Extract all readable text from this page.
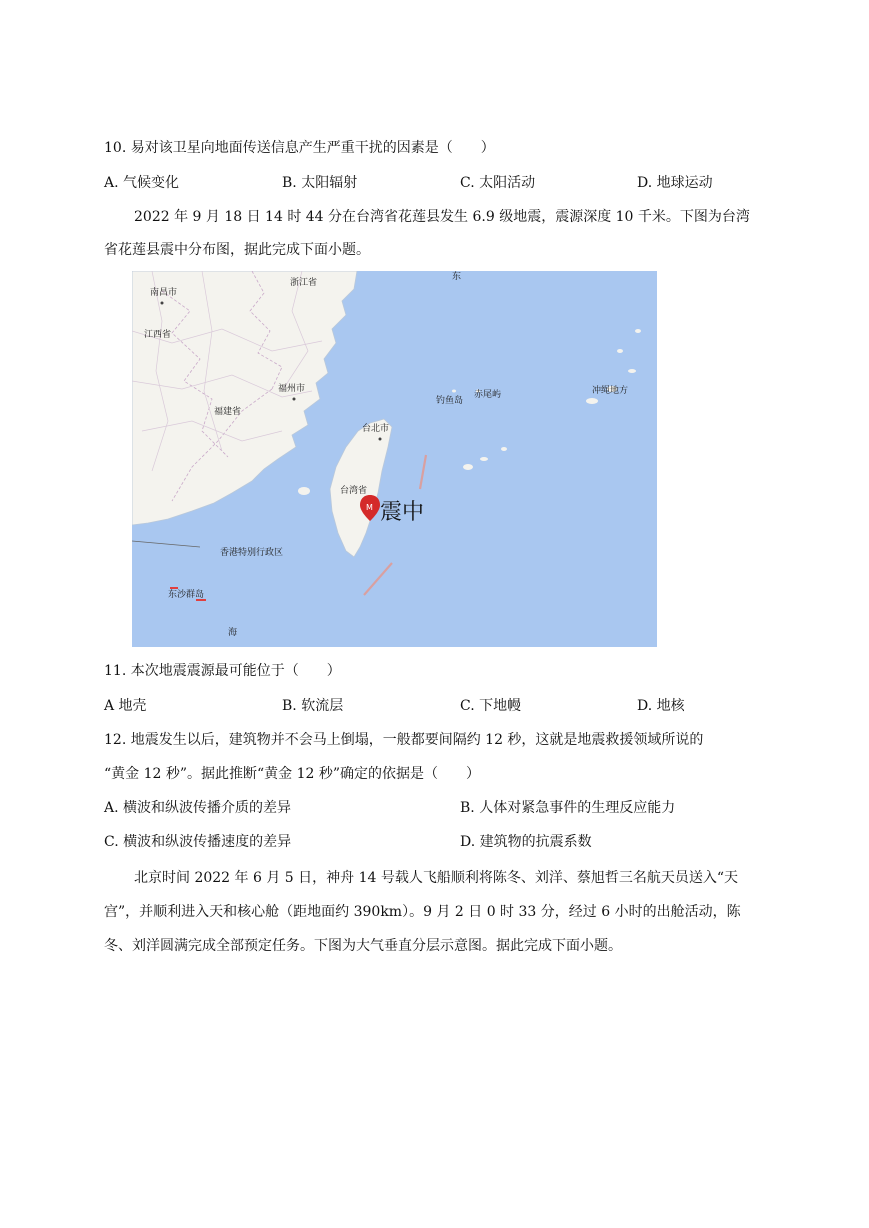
10. 易对该卫星向地面传送信息产生严重干扰的因素是（　　）
A. 气候变化	B. 太阳辐射	C. 太阳活动	D. 地球运动
2022 年 9 月 18 日 14 时 44 分在台湾省花莲县发生 6.9 级地震，震源深度 10 千米。下图为台湾
省花莲县震中分布图，据此完成下面小题。
南昌市
浙江省
江西省
福州市
福建省
钓鱼岛
赤尾屿	冲绳地方
台北市
台湾省
香港特别行政区
东沙群岛
海
东
M 震中
11. 本次地震震源最可能位于（　　）
A 地壳	B. 软流层	C. 下地幔	D. 地核
12. 地震发生以后，建筑物并不会马上倒塌，一般都要间隔约 12 秒，这就是地震救援领域所说的
“黄金 12 秒”。据此推断“黄金 12 秒”确定的依据是（　　）
A. 横波和纵波传播介质的差异	B. 人体对紧急事件的生理反应能力
C. 横波和纵波传播速度的差异	D. 建筑物的抗震系数
北京时间 2022 年 6 月 5 日，神舟 14 号载人飞船顺利将陈冬、刘洋、蔡旭哲三名航天员送入“天
宫”，并顺利进入天和核心舱（距地面约 390km）。9 月 2 日 0 时 33 分，经过 6 小时的出舱活动，陈
冬、刘洋圆满完成全部预定任务。下图为大气垂直分层示意图。据此完成下面小题。
